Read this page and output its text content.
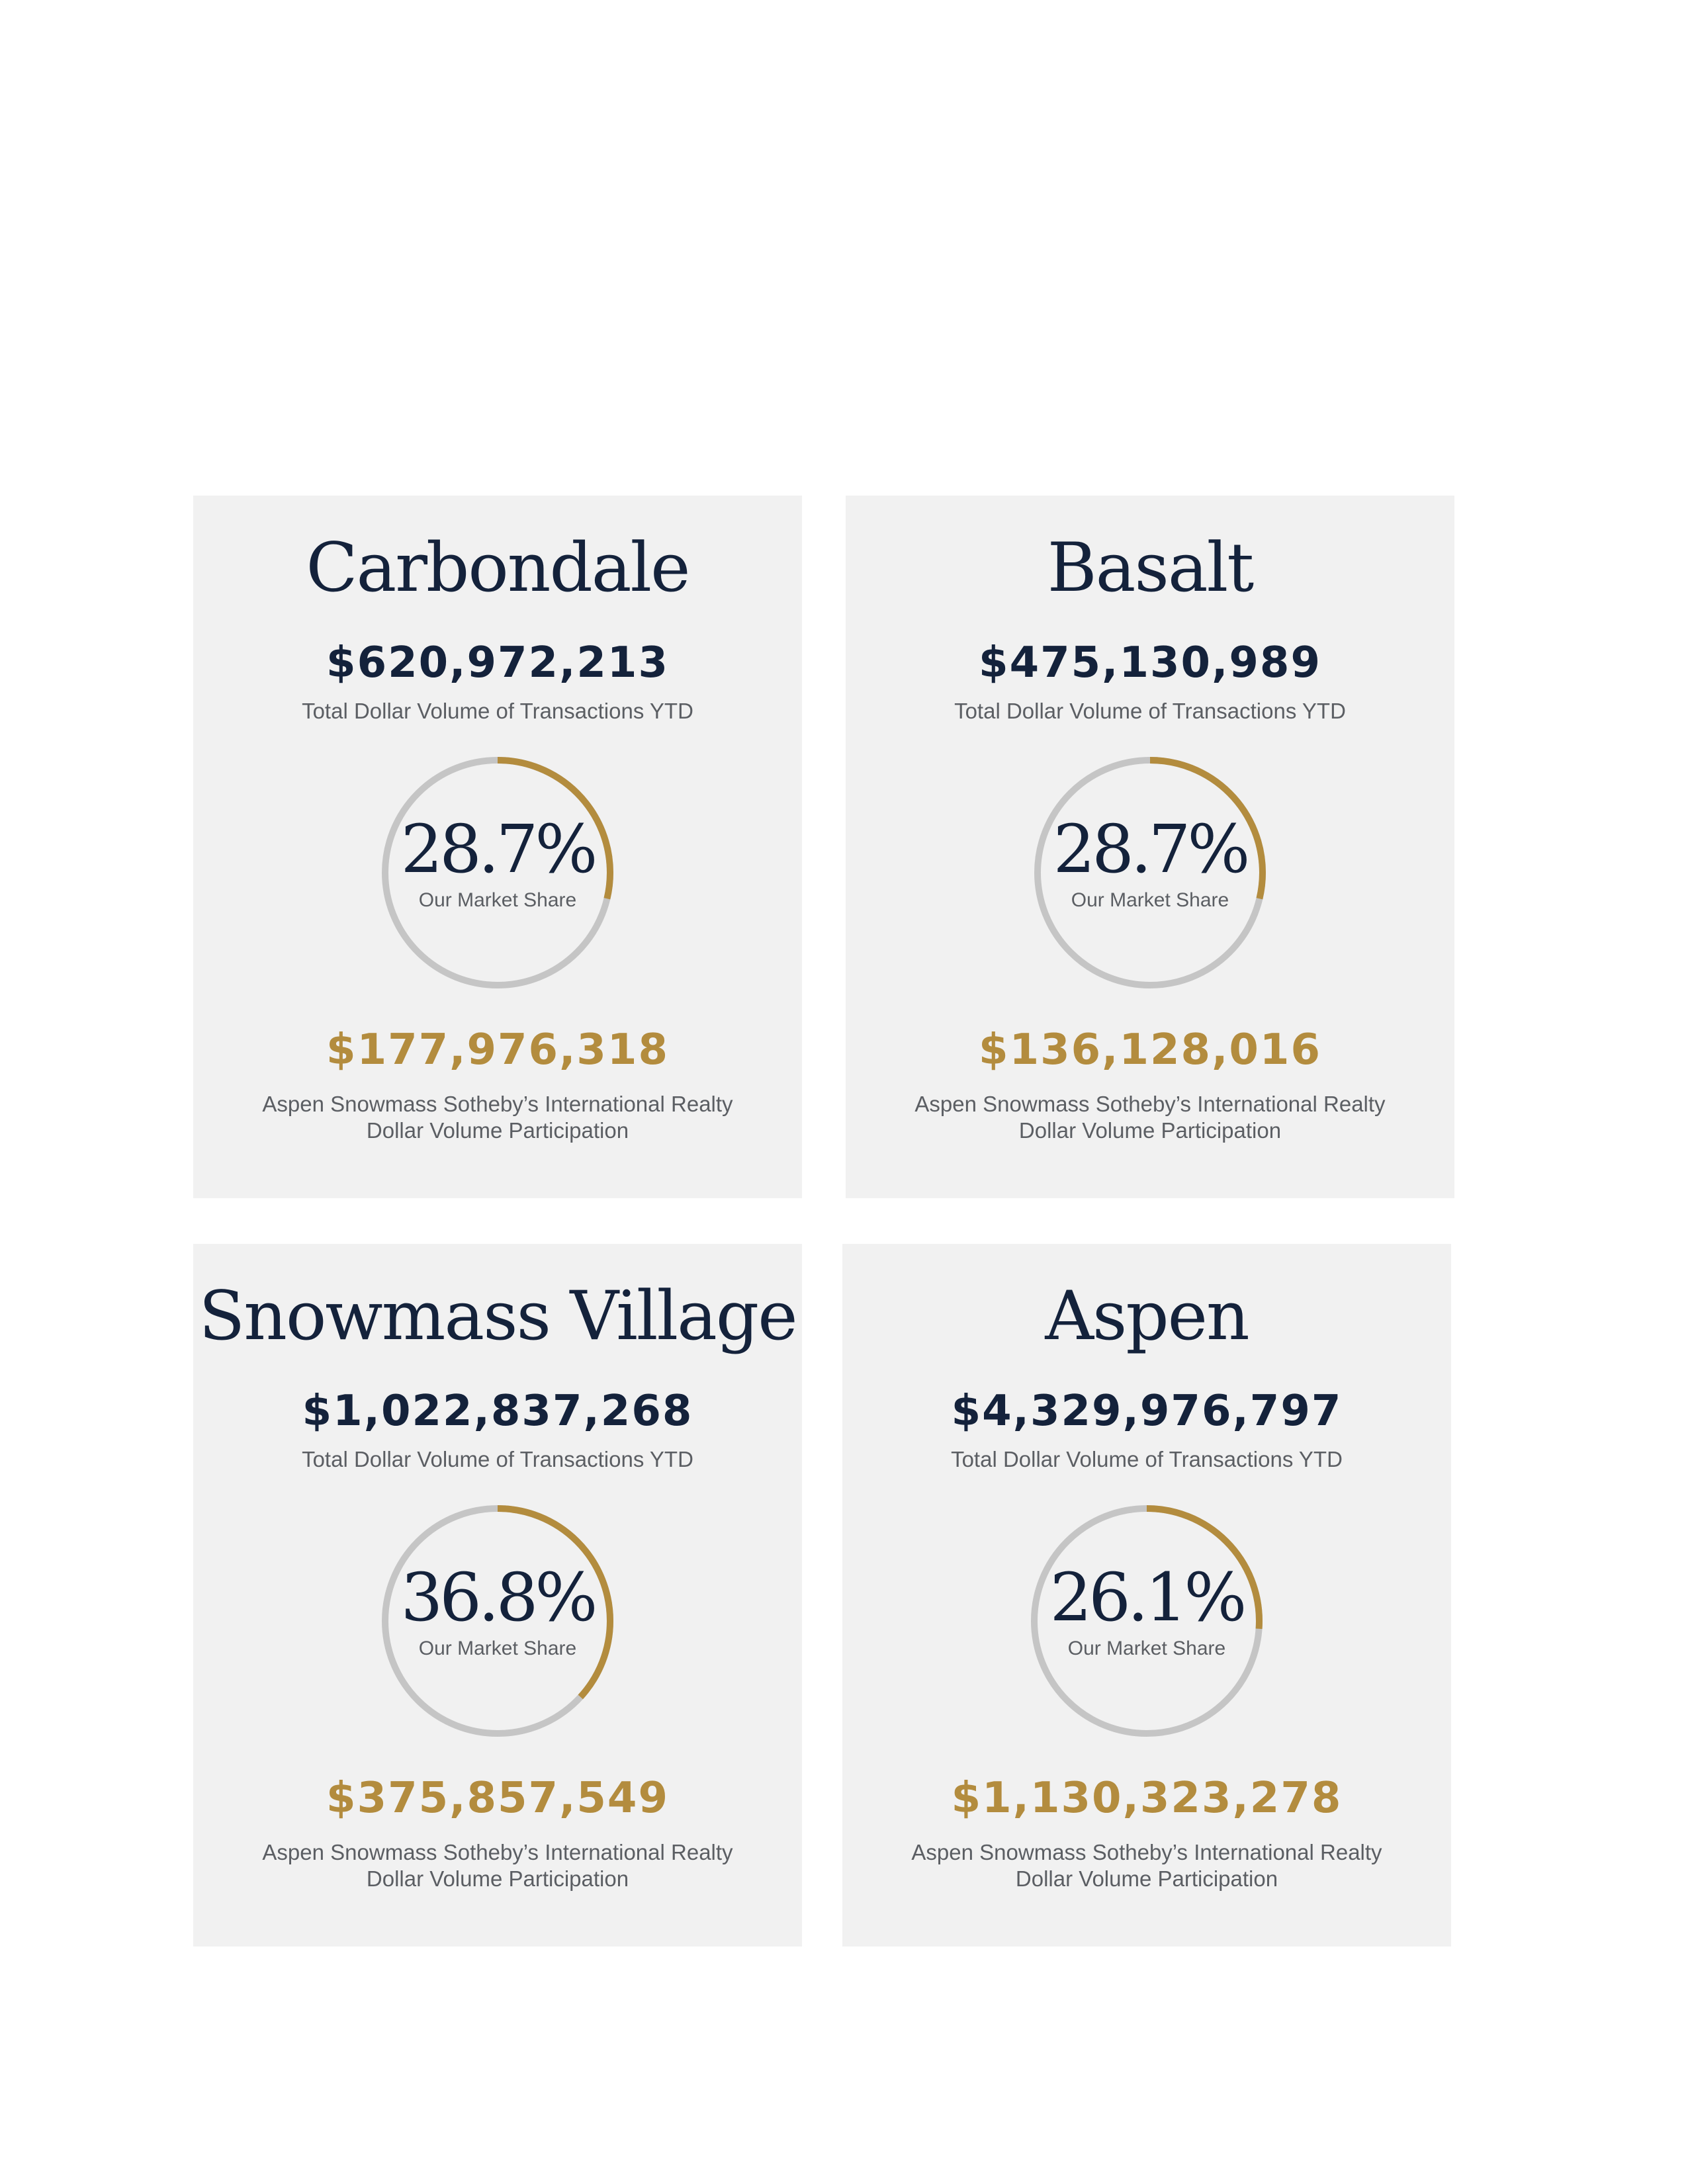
Carbondale
$620,972,213
Total Dollar Volume of Transactions YTD
28.7%
Our Market Share
$177,976,318
Aspen Snowmass Sotheby’s International Realty
Dollar Volume Participation
Basalt
$475,130,989
Total Dollar Volume of Transactions YTD
28.7%
Our Market Share
$136,128,016
Aspen Snowmass Sotheby’s International Realty
Dollar Volume Participation
Snowmass Village
$1,022,837,268
Total Dollar Volume of Transactions YTD
36.8%
Our Market Share
$375,857,549
Aspen Snowmass Sotheby’s International Realty
Dollar Volume Participation
Aspen
$4,329,976,797
Total Dollar Volume of Transactions YTD
26.1%
Our Market Share
$1,130,323,278
Aspen Snowmass Sotheby’s International Realty
Dollar Volume Participation
